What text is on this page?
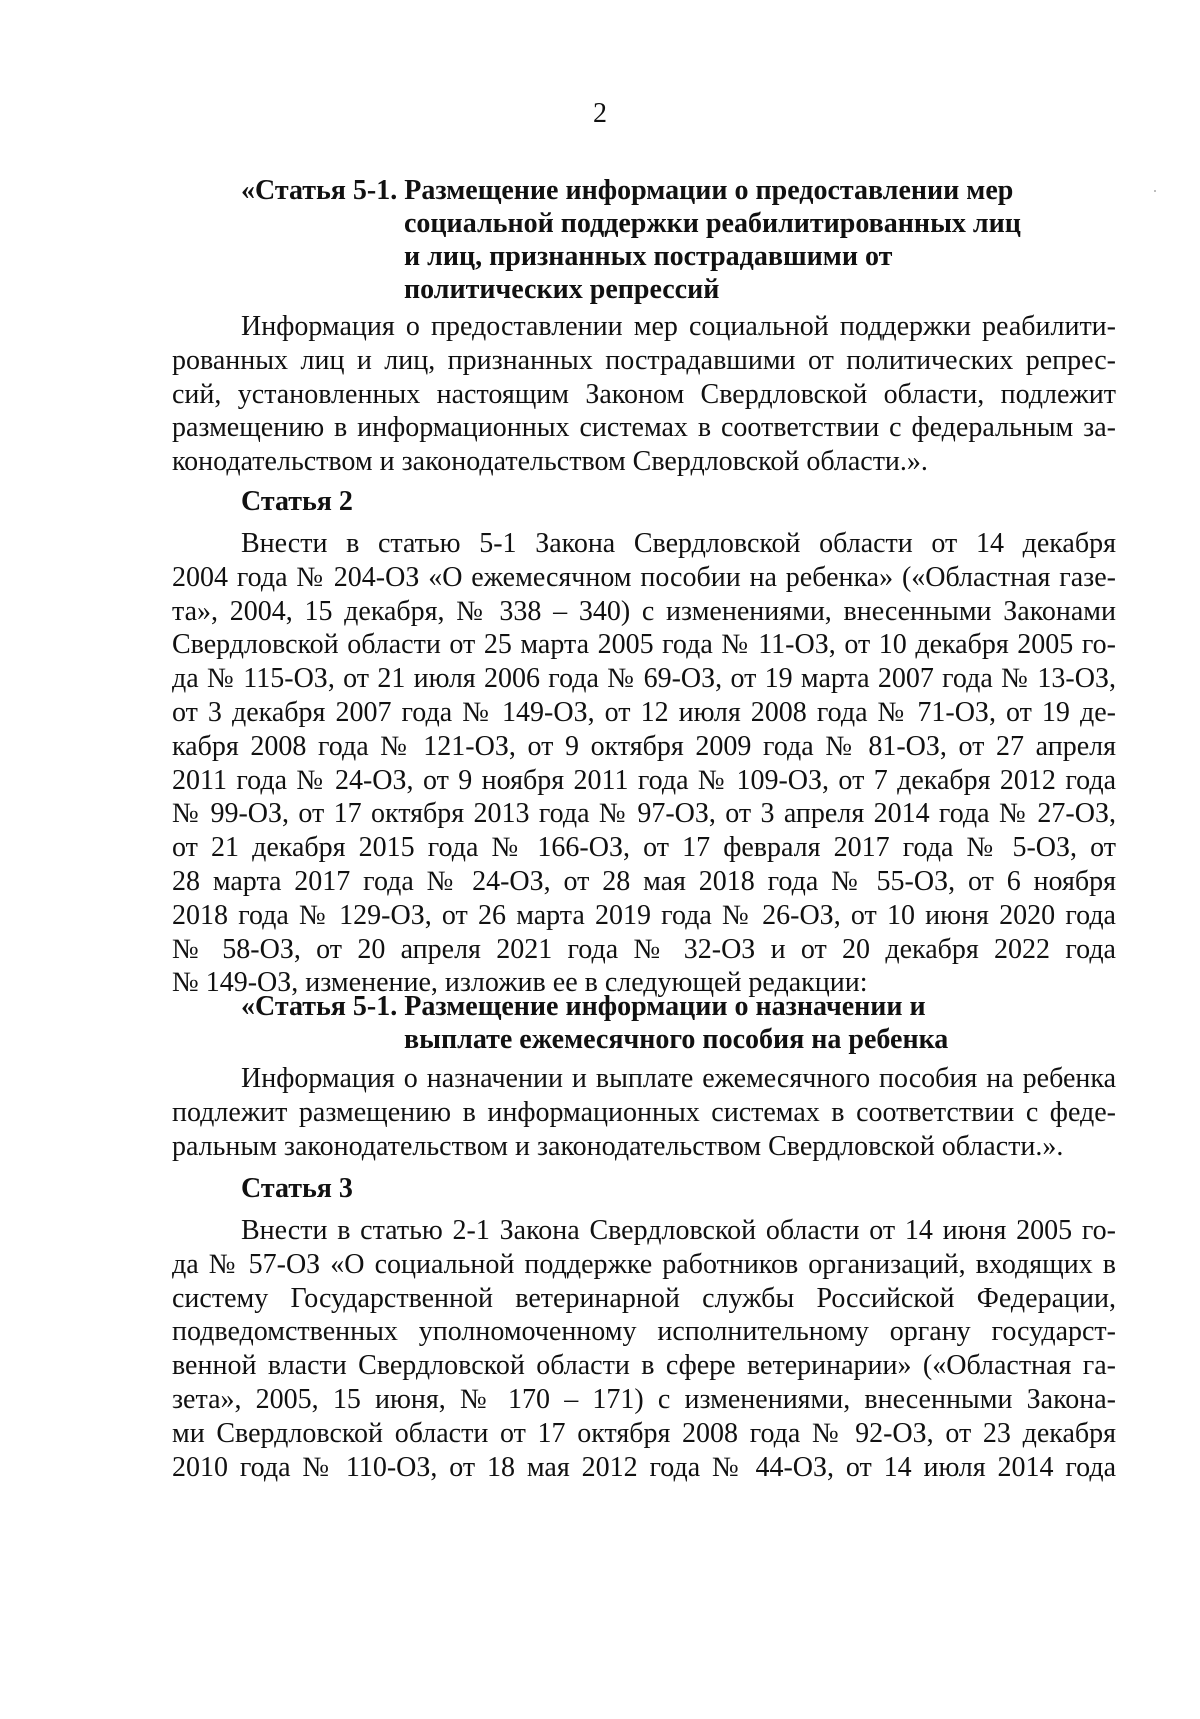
2
«Статья 5-1. Размещение информации о предоставлении мер
социальной поддержки реабилитированных лиц
и лиц, признанных пострадавшими от
политических репрессий
Информация о предоставлении мер социальной поддержки реабилити-
рованных лиц и лиц, признанных пострадавшими от политических репрес-
сий, установленных настоящим Законом Свердловской области, подлежит
размещению в информационных системах в соответствии с федеральным за-
конодательством и законодательством Свердловской области.».
Статья 2
Внести в статью 5-1 Закона Свердловской области от 14 декабря
2004 года № 204-ОЗ «О ежемесячном пособии на ребенка» («Областная газе-
та», 2004, 15 декабря, № 338 – 340) с изменениями, внесенными Законами
Свердловской области от 25 марта 2005 года № 11-ОЗ, от 10 декабря 2005 го-
да № 115-ОЗ, от 21 июля 2006 года № 69-ОЗ, от 19 марта 2007 года № 13-ОЗ,
от 3 декабря 2007 года № 149-ОЗ, от 12 июля 2008 года № 71-ОЗ, от 19 де-
кабря 2008 года № 121-ОЗ, от 9 октября 2009 года № 81-ОЗ, от 27 апреля
2011 года № 24-ОЗ, от 9 ноября 2011 года № 109-ОЗ, от 7 декабря 2012 года
№ 99-ОЗ, от 17 октября 2013 года № 97-ОЗ, от 3 апреля 2014 года № 27-ОЗ,
от 21 декабря 2015 года № 166-ОЗ, от 17 февраля 2017 года № 5-ОЗ, от
28 марта 2017 года № 24-ОЗ, от 28 мая 2018 года № 55-ОЗ, от 6 ноября
2018 года № 129-ОЗ, от 26 марта 2019 года № 26-ОЗ, от 10 июня 2020 года
№ 58-ОЗ, от 20 апреля 2021 года № 32-ОЗ и от 20 декабря 2022 года
№ 149-ОЗ, изменение, изложив ее в следующей редакции:
«Статья 5-1. Размещение информации о назначении и
выплате ежемесячного пособия на ребенка
Информация о назначении и выплате ежемесячного пособия на ребенка
подлежит размещению в информационных системах в соответствии с феде-
ральным законодательством и законодательством Свердловской области.».
Статья 3
Внести в статью 2-1 Закона Свердловской области от 14 июня 2005 го-
да № 57-ОЗ «О социальной поддержке работников организаций, входящих в
систему Государственной ветеринарной службы Российской Федерации,
подведомственных уполномоченному исполнительному органу государст-
венной власти Свердловской области в сфере ветеринарии» («Областная га-
зета», 2005, 15 июня, № 170 – 171) с изменениями, внесенными Закона-
ми Свердловской области от 17 октября 2008 года № 92-ОЗ, от 23 декабря
2010 года № 110-ОЗ, от 18 мая 2012 года № 44-ОЗ, от 14 июля 2014 года
